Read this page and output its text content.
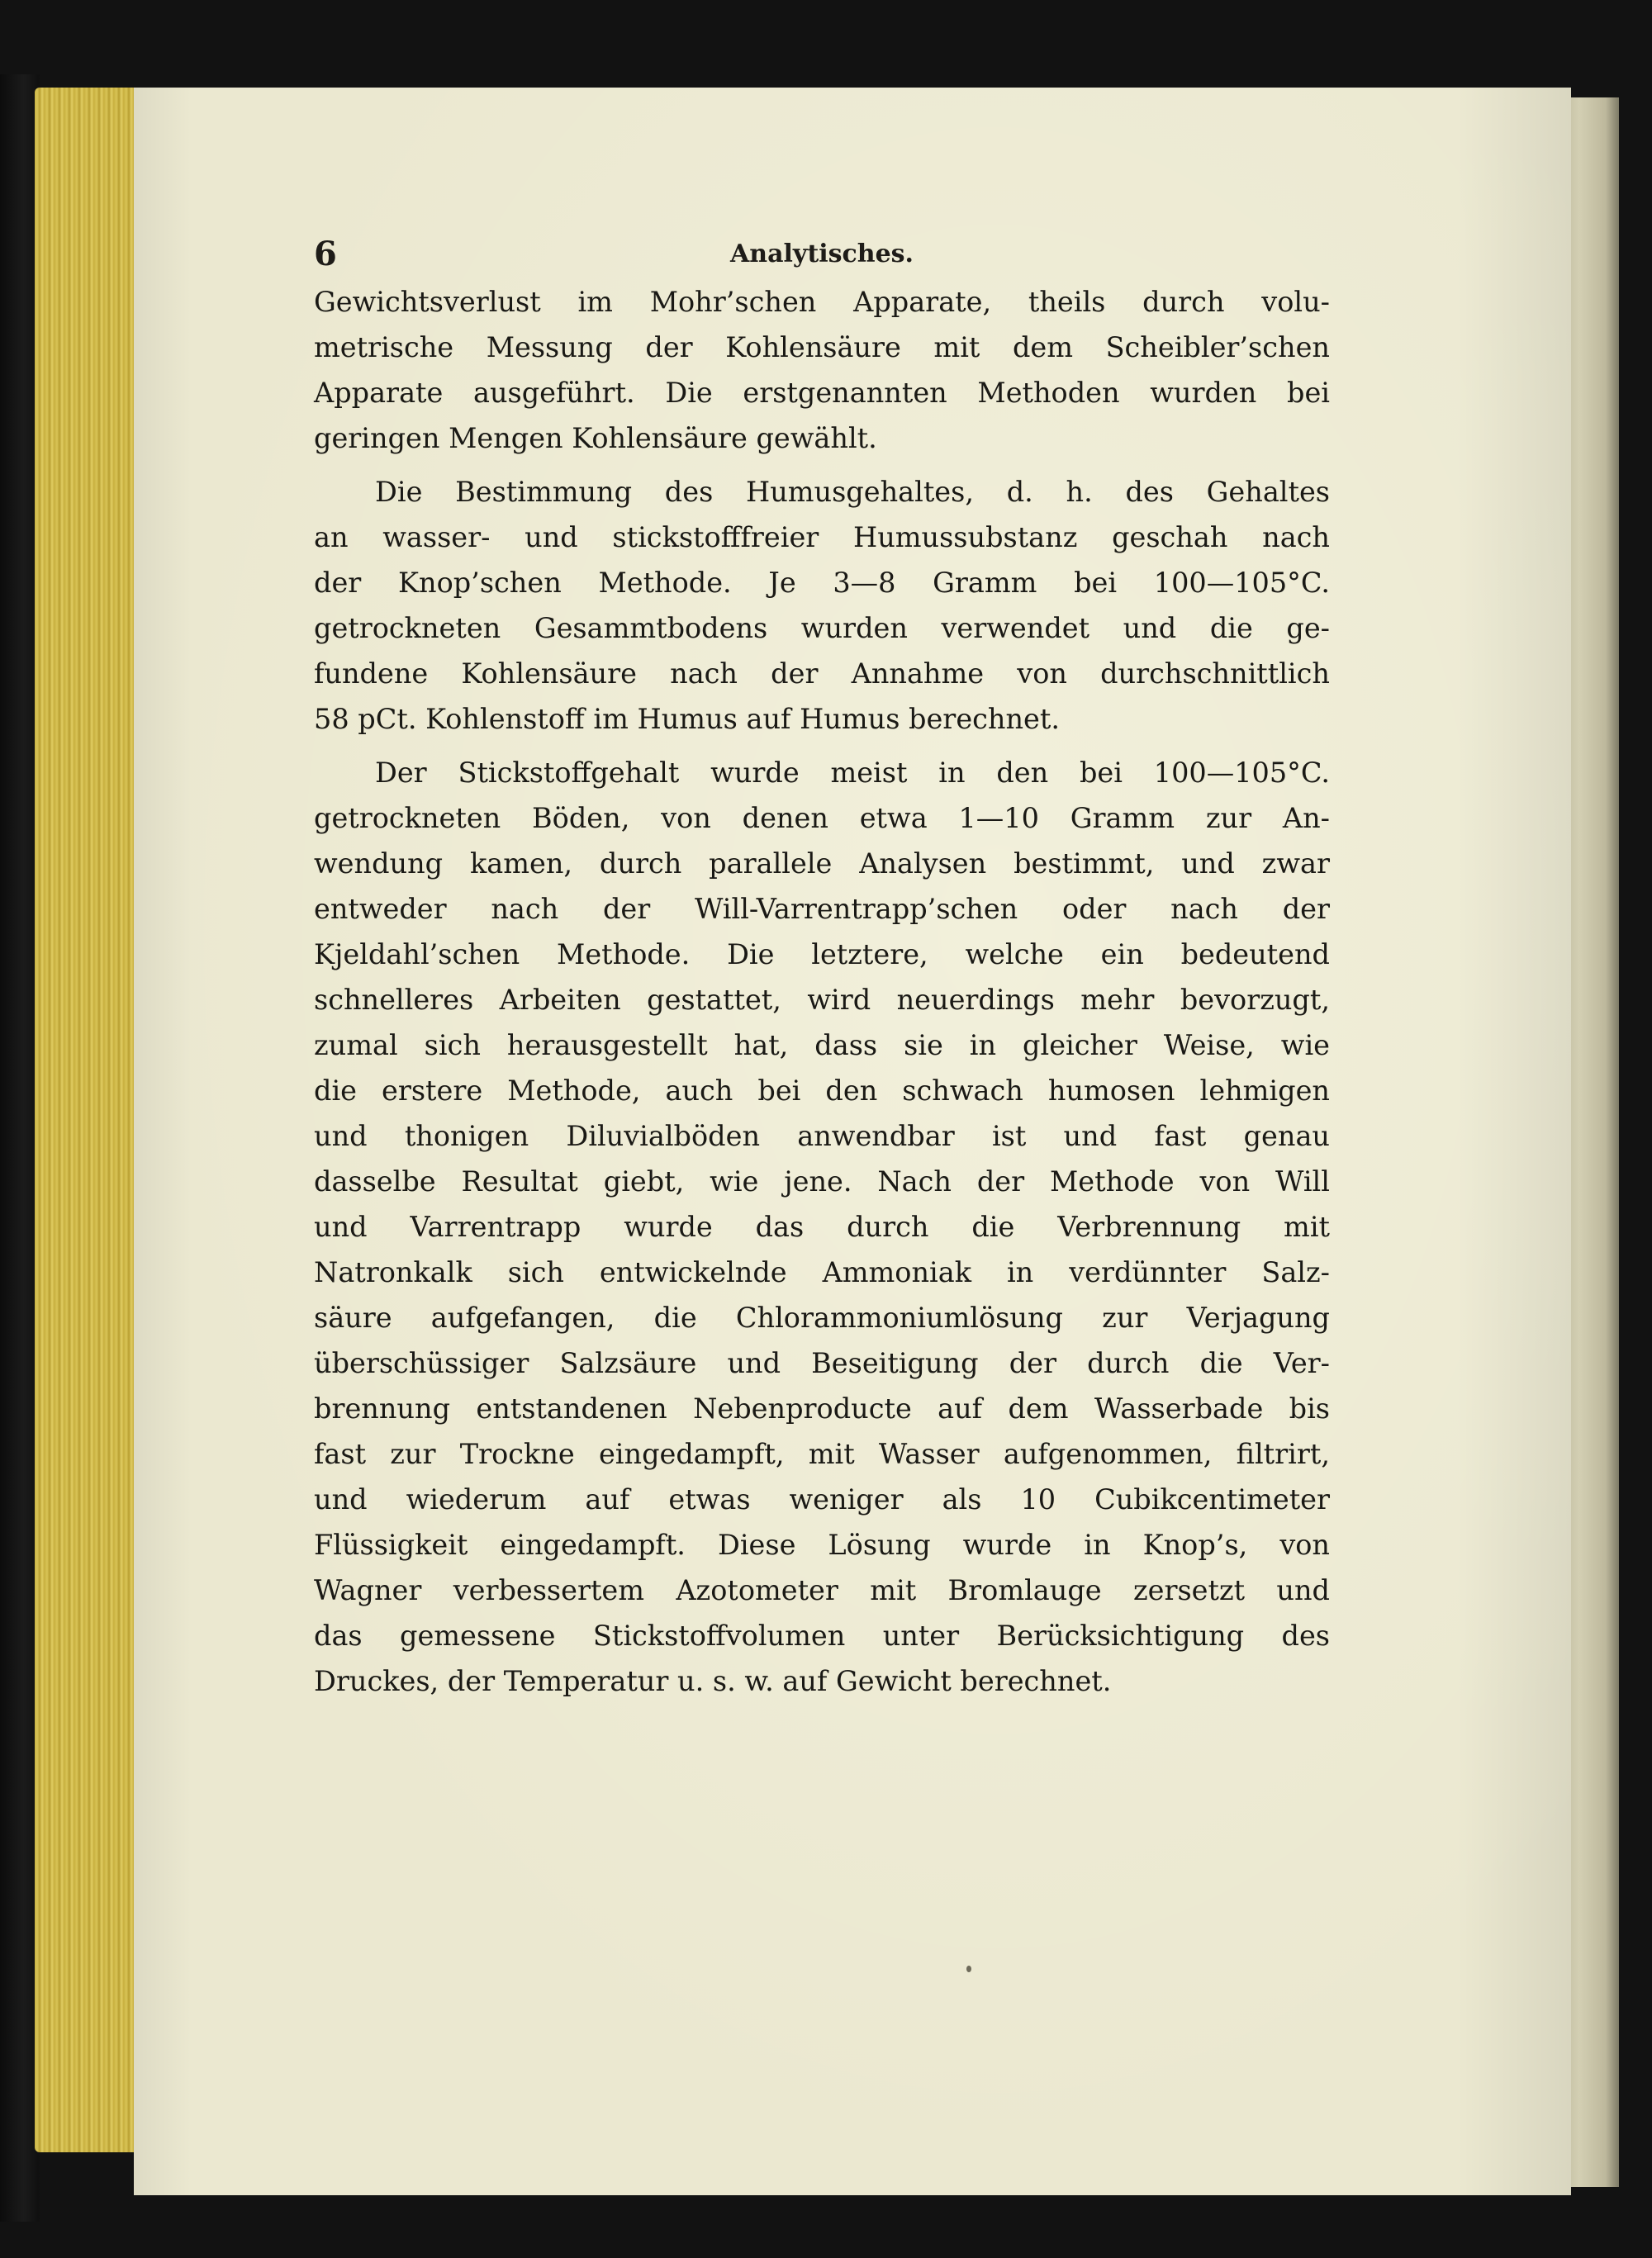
6	Analytisches.
Gewichtsverlust im Mohr’schen Apparate, theils durch volu-
metrische Messung der Kohlensäure mit dem Scheibler’schen
Apparate ausgeführt. Die erstgenannten Methoden wurden bei
geringen Mengen Kohlensäure gewählt.
Die Bestimmung des Humusgehaltes, d. h. des Gehaltes
an wasser- und stickstofffreier Humussubstanz geschah nach
der Knop’schen Methode. Je 3—8 Gramm bei 100—105°C.
getrockneten Gesammtbodens wurden verwendet und die ge-
fundene Kohlensäure nach der Annahme von durchschnittlich
58 pCt. Kohlenstoff im Humus auf Humus berechnet.
Der Stickstoffgehalt wurde meist in den bei 100—105°C.
getrockneten Böden, von denen etwa 1—10 Gramm zur An-
wendung kamen, durch parallele Analysen bestimmt, und zwar
entweder nach der Will-Varrentrapp’schen oder nach der
Kjeldahl’schen Methode. Die letztere, welche ein bedeutend
schnelleres Arbeiten gestattet, wird neuerdings mehr bevorzugt,
zumal sich herausgestellt hat, dass sie in gleicher Weise, wie
die erstere Methode, auch bei den schwach humosen lehmigen
und thonigen Diluvialböden anwendbar ist und fast genau
dasselbe Resultat giebt, wie jene. Nach der Methode von Will
und Varrentrapp wurde das durch die Verbrennung mit
Natronkalk sich entwickelnde Ammoniak in verdünnter Salz-
säure aufgefangen, die Chlorammoniumlösung zur Verjagung
überschüssiger Salzsäure und Beseitigung der durch die Ver-
brennung entstandenen Nebenproducte auf dem Wasserbade bis
fast zur Trockne eingedampft, mit Wasser aufgenommen, filtrirt,
und wiederum auf etwas weniger als 10 Cubikcentimeter
Flüssigkeit eingedampft. Diese Lösung wurde in Knop’s, von
Wagner verbessertem Azotometer mit Bromlauge zersetzt und
das gemessene Stickstoffvolumen unter Berücksichtigung des
Druckes, der Temperatur u. s. w. auf Gewicht berechnet.
